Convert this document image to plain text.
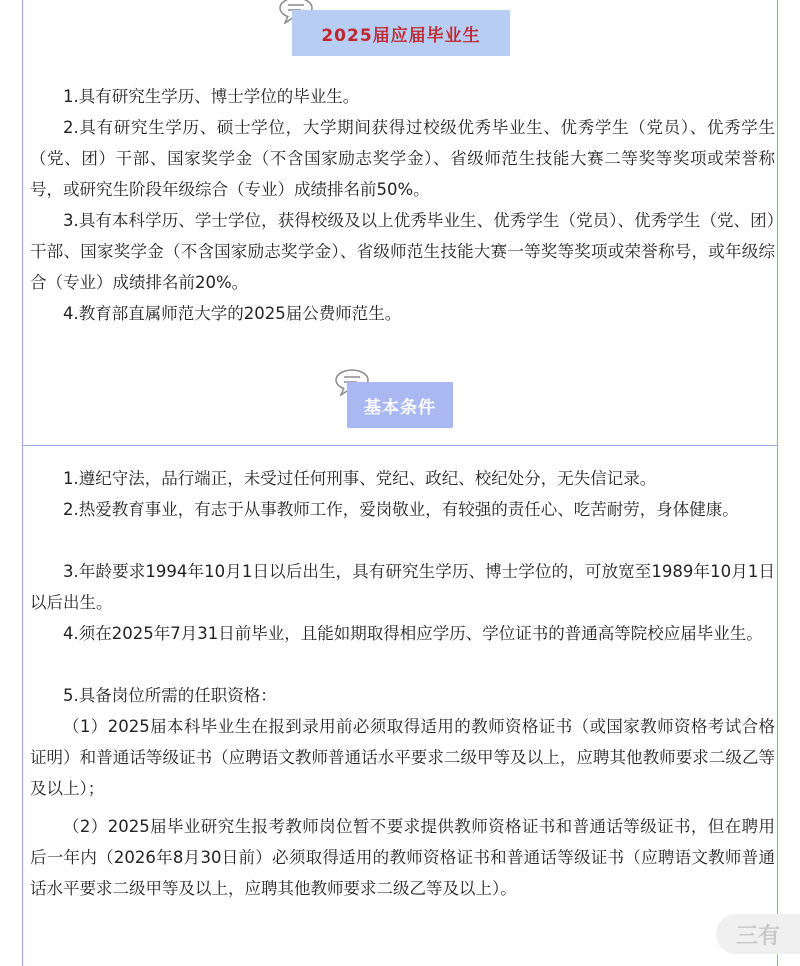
2025届应届毕业生

1.具有研究生学历、博士学位的毕业生。

2.具有研究生学历、硕士学位，大学期间获得过校级优秀毕业生、优秀学生（党员）、优秀学生（党、团）干部、国家奖学金（不含国家励志奖学金）、省级师范生技能大赛二等奖等奖项或荣誉称号，或研究生阶段年级综合（专业）成绩排名前50%。

3.具有本科学历、学士学位，获得校级及以上优秀毕业生、优秀学生（党员）、优秀学生（党、团）干部、国家奖学金（不含国家励志奖学金）、省级师范生技能大赛一等奖等奖项或荣誉称号，或年级综合（专业）成绩排名前20%。

4.教育部直属师范大学的2025届公费师范生。

基本条件

1.遵纪守法，品行端正，未受过任何刑事、党纪、政纪、校纪处分，无失信记录。

2.热爱教育事业，有志于从事教师工作，爱岗敬业，有较强的责任心、吃苦耐劳，身体健康。

3.年龄要求1994年10月1日以后出生，具有研究生学历、博士学位的，可放宽至1989年10月1日以后出生。

4.须在2025年7月31日前毕业，且能如期取得相应学历、学位证书的普通高等院校应届毕业生。

5.具备岗位所需的任职资格：

（1）2025届本科毕业生在报到录用前必须取得适用的教师资格证书（或国家教师资格考试合格证明）和普通话等级证书（应聘语文教师普通话水平要求二级甲等及以上，应聘其他教师要求二级乙等及以上）；

（2）2025届毕业研究生报考教师岗位暂不要求提供教师资格证书和普通话等级证书，但在聘用后一年内（2026年8月30日前）必须取得适用的教师资格证书和普通话等级证书（应聘语文教师普通话水平要求二级甲等及以上，应聘其他教师要求二级乙等及以上）。

三有
